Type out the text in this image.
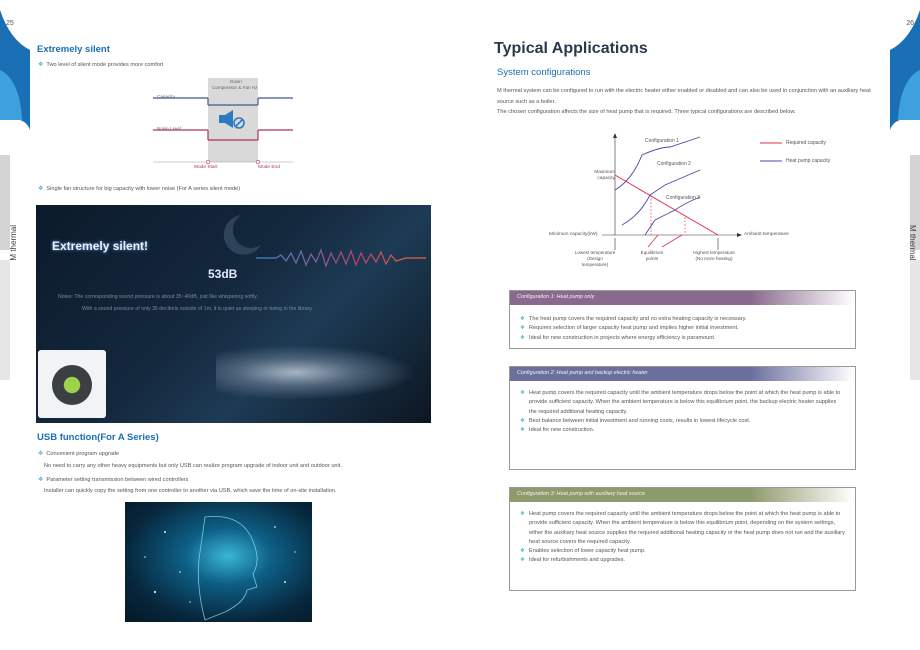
25	26
M thermal	M thermal
Extremely silent
❖ Two level of silent mode provides more comfort
Capacity
Noise Level
Down
Compressor & Fan Hz
Mode Start	Mode End
❖ Single fan structure for big capacity with lower noise (For A series silent mode)
Extremely silent!
53dB
Notes: The corresponding sound pressure is about 35~40dB, just like whispering softly.
With a sound pressure of only 35 decibels outside of 1m, it is quiet as sleeping or being in the library.
USB function(For A Series)
❖ Convenient program upgrade
No need to carry any other heavy equipments but only USB can realize program upgrade of indoor unit and outdoor unit.
❖ Parameter setting transmission between wired controllers
Installer can quickly copy the setting from one controller to another via USB, which save the time of on-site installation.
Typical Applications
System configurations
M thermal system can be configured to run with the electric heater either enabled or disabled and can also be used in conjunction with an auxiliary heat source such as a boiler.
The chosen configuration affects the size of heat pump that is required. Three typical configurations are described below.
Configuration 1
Configuration 2
Configuration 3
Required capacity
Heat pump capacity
Maximum capacity
Minimum capacity(kW)	Ambient temperature
Lowest temperature (Design temperature)
Equilibrium points
Highest temperature (No more heating)
Configuration 1: Heat pump only
❖ The heat pump covers the required capacity and no extra heating capacity is necessary.
❖ Requires selection of larger capacity heat pump and implies higher initial investment.
❖ Ideal for new construction in projects where energy efficiency is paramount.
Configuration 2: Heat pump and backup electric heater
❖ Heat pump covers the required capacity until the ambient temperature drops below the point at which the heat pump is able to provide sufficient capacity. When the ambient temperature is below this equilibrium point, the backup electric heater supplies the required additional heating capacity.
❖ Best balance between initial investment and running costs, results in lowest lifecycle cost.
❖ Ideal for new construction.
Configuration 3: Heat pump with auxiliary heat source
❖ Heat pump covers the required capacity until the ambient temperature drops below the point at which the heat pump is able to provide sufficient capacity. When the ambient temperature is below this equilibrium point, depending on the system settings, either the auxiliary heat source supplies the required additional heating capacity or the heat pump does not run and the auxiliary heat source covers the required capacity.
❖ Enables selection of lower capacity heat pump.
❖ Ideal for refurbishments and upgrades.
